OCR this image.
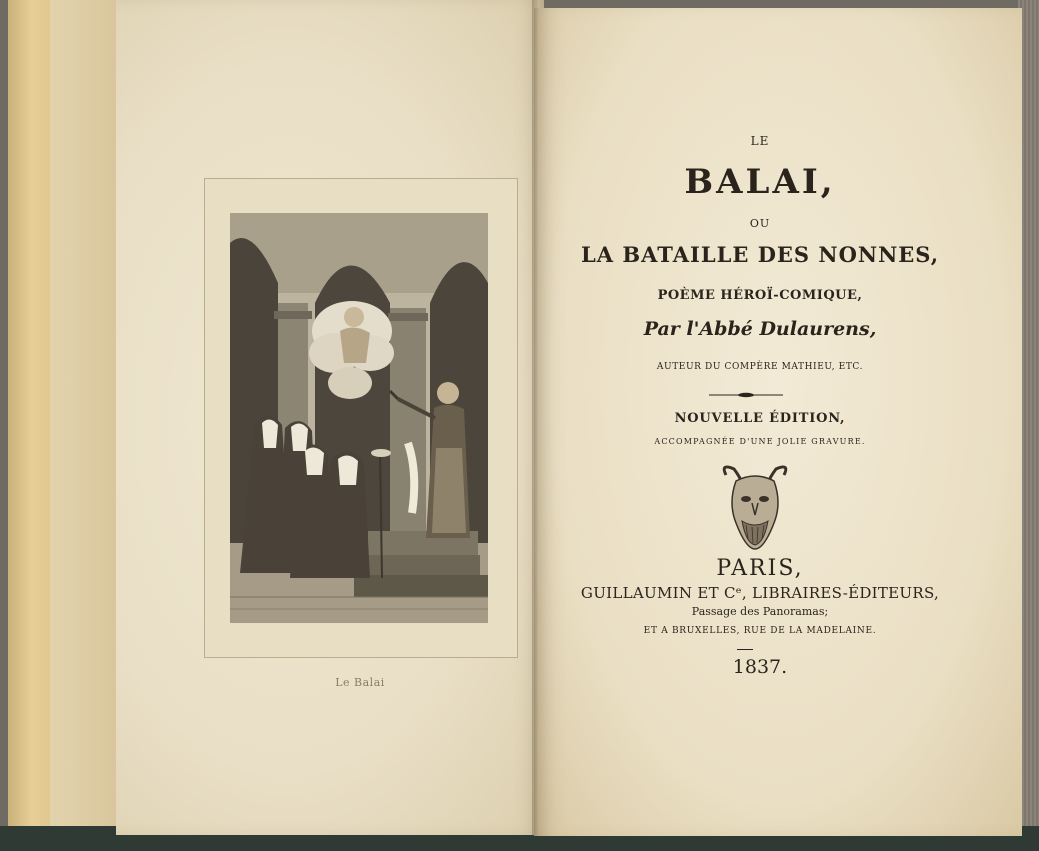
Le Balai
LE
BALAI,
OU
LA BATAILLE DES NONNES,
POÈME HÉROÏ-COMIQUE,
Par l'Abbé Dulaurens,
AUTEUR DU COMPÈRE MATHIEU, ETC.
NOUVELLE ÉDITION,
ACCOMPAGNÉE D'UNE JOLIE GRAVURE.
PARIS,
GUILLAUMIN ET Cᵉ, LIBRAIRES-ÉDITEURS,
Passage des Panoramas;
ET A BRUXELLES, RUE DE LA MADELAINE.
1837.
